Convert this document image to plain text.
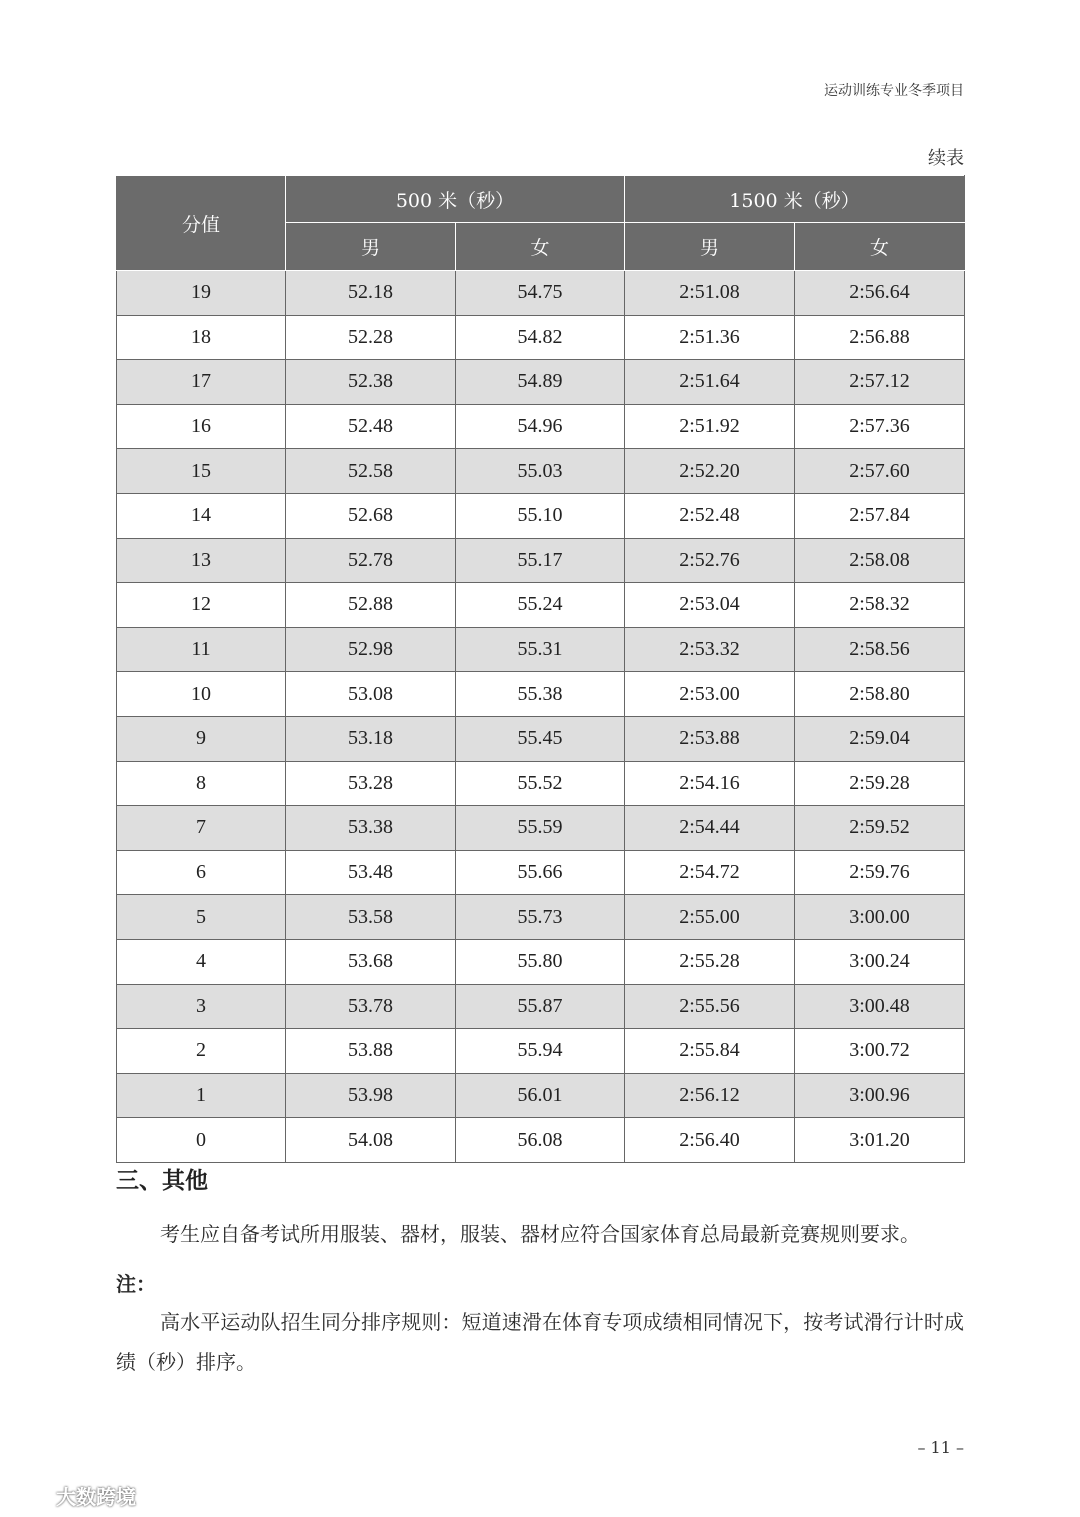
运动训练专业冬季项目
续表
分值	500 米（秒）		1500 米（秒）	
	男	女	男	女
19	52.18	54.75	2:51.08	2:56.64
18	52.28	54.82	2:51.36	2:56.88
17	52.38	54.89	2:51.64	2:57.12
16	52.48	54.96	2:51.92	2:57.36
15	52.58	55.03	2:52.20	2:57.60
14	52.68	55.10	2:52.48	2:57.84
13	52.78	55.17	2:52.76	2:58.08
12	52.88	55.24	2:53.04	2:58.32
11	52.98	55.31	2:53.32	2:58.56
10	53.08	55.38	2:53.00	2:58.80
9	53.18	55.45	2:53.88	2:59.04
8	53.28	55.52	2:54.16	2:59.28
7	53.38	55.59	2:54.44	2:59.52
6	53.48	55.66	2:54.72	2:59.76
5	53.58	55.73	2:55.00	3:00.00
4	53.68	55.80	2:55.28	3:00.24
3	53.78	55.87	2:55.56	3:00.48
2	53.88	55.94	2:55.84	3:00.72
1	53.98	56.01	2:56.12	3:00.96
0	54.08	56.08	2:56.40	3:01.20
三、其他
考生应自备考试所用服装、器材，服装、器材应符合国家体育总局最新竞赛规则要求。
注：
高水平运动队招生同分排序规则：短道速滑在体育专项成绩相同情况下，按考试滑行计时成绩（秒）排序。
– 11 –
大数跨境
